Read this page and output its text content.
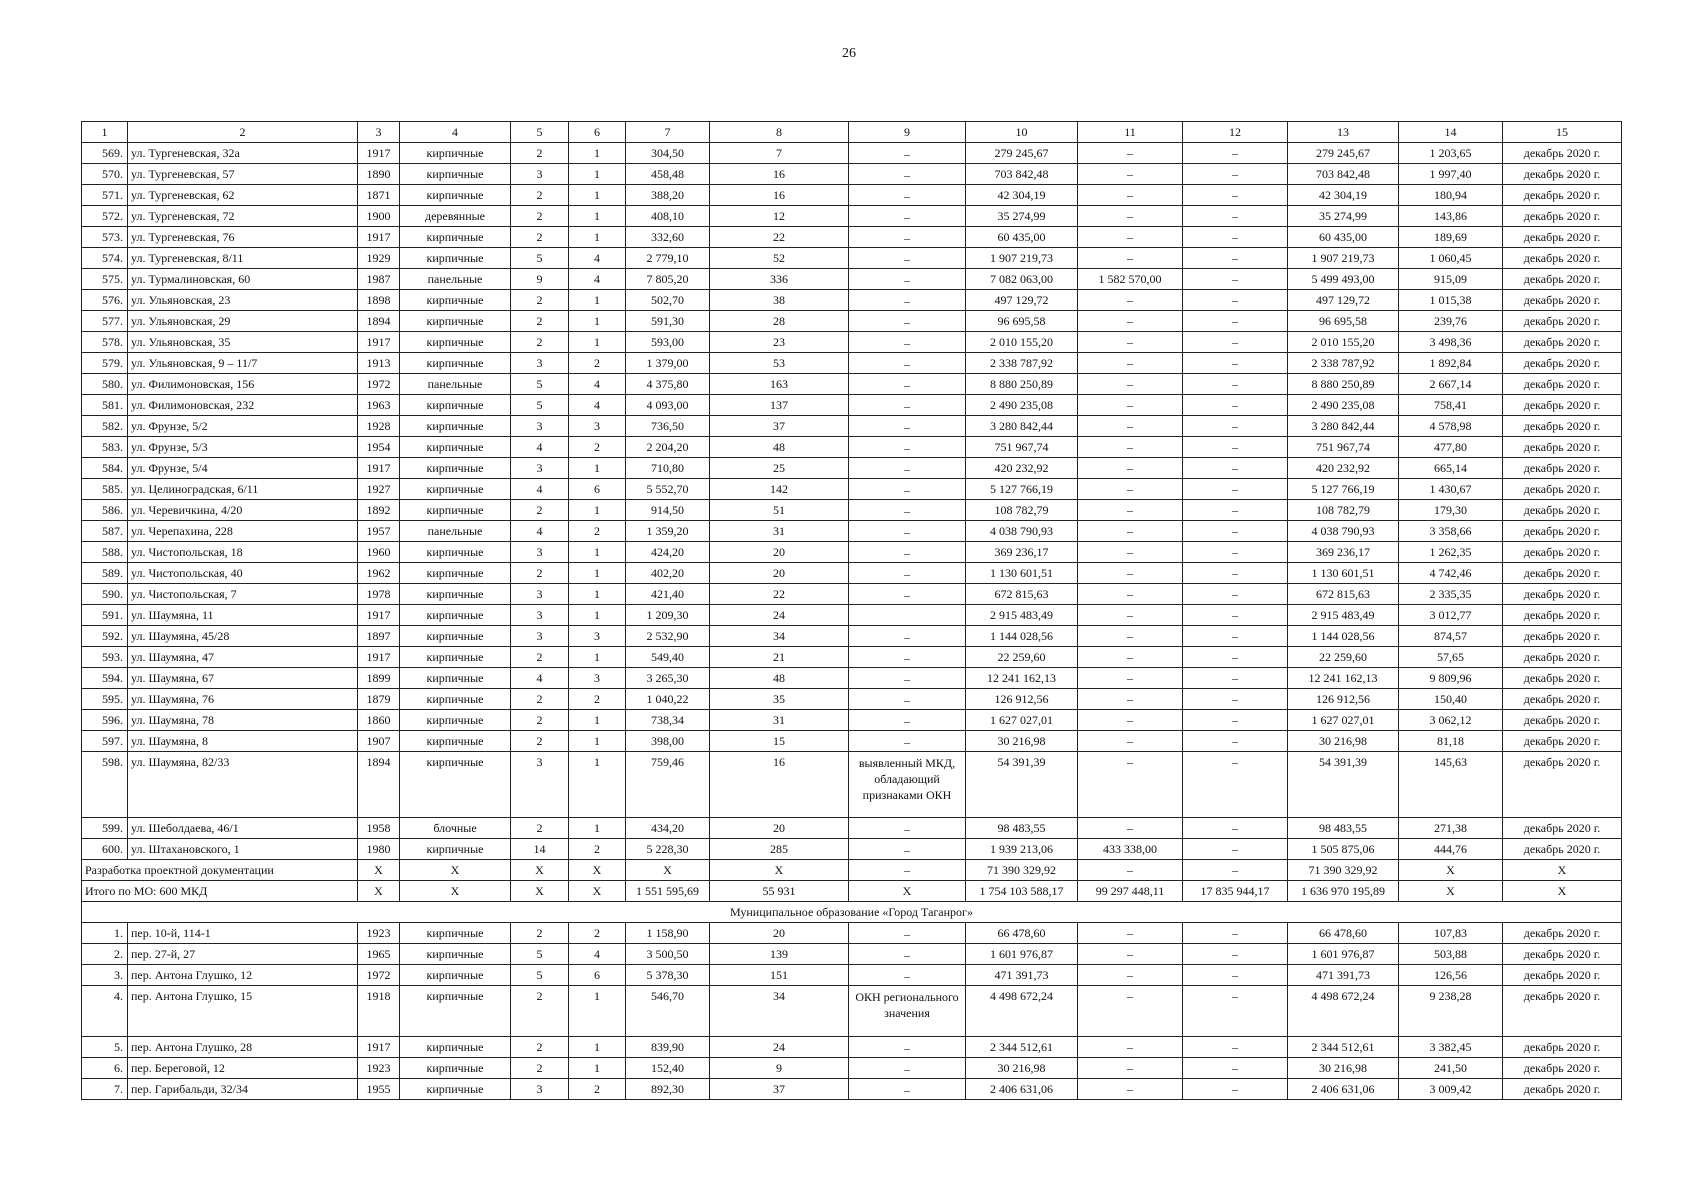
26
1	2	3	4	5	6	7	8	9	10	11	12	13	14	15
569.	ул. Тургеневская, 32а	1917	кирпичные	2	1	304,50	7	–	279 245,67	–	–	279 245,67	1 203,65	декабрь 2020 г.
570.	ул. Тургеневская, 57	1890	кирпичные	3	1	458,48	16	–	703 842,48	–	–	703 842,48	1 997,40	декабрь 2020 г.
571.	ул. Тургеневская, 62	1871	кирпичные	2	1	388,20	16	–	42 304,19	–	–	42 304,19	180,94	декабрь 2020 г.
572.	ул. Тургеневская, 72	1900	деревянные	2	1	408,10	12	–	35 274,99	–	–	35 274,99	143,86	декабрь 2020 г.
573.	ул. Тургеневская, 76	1917	кирпичные	2	1	332,60	22	–	60 435,00	–	–	60 435,00	189,69	декабрь 2020 г.
574.	ул. Тургеневская, 8/11	1929	кирпичные	5	4	2 779,10	52	–	1 907 219,73	–	–	1 907 219,73	1 060,45	декабрь 2020 г.
575.	ул. Турмалиновская, 60	1987	панельные	9	4	7 805,20	336	–	7 082 063,00	1 582 570,00	–	5 499 493,00	915,09	декабрь 2020 г.
576.	ул. Ульяновская, 23	1898	кирпичные	2	1	502,70	38	–	497 129,72	–	–	497 129,72	1 015,38	декабрь 2020 г.
577.	ул. Ульяновская, 29	1894	кирпичные	2	1	591,30	28	–	96 695,58	–	–	96 695,58	239,76	декабрь 2020 г.
578.	ул. Ульяновская, 35	1917	кирпичные	2	1	593,00	23	–	2 010 155,20	–	–	2 010 155,20	3 498,36	декабрь 2020 г.
579.	ул. Ульяновская, 9 – 11/7	1913	кирпичные	3	2	1 379,00	53	–	2 338 787,92	–	–	2 338 787,92	1 892,84	декабрь 2020 г.
580.	ул. Филимоновская, 156	1972	панельные	5	4	4 375,80	163	–	8 880 250,89	–	–	8 880 250,89	2 667,14	декабрь 2020 г.
581.	ул. Филимоновская, 232	1963	кирпичные	5	4	4 093,00	137	–	2 490 235,08	–	–	2 490 235,08	758,41	декабрь 2020 г.
582.	ул. Фрунзе, 5/2	1928	кирпичные	3	3	736,50	37	–	3 280 842,44	–	–	3 280 842,44	4 578,98	декабрь 2020 г.
583.	ул. Фрунзе, 5/3	1954	кирпичные	4	2	2 204,20	48	–	751 967,74	–	–	751 967,74	477,80	декабрь 2020 г.
584.	ул. Фрунзе, 5/4	1917	кирпичные	3	1	710,80	25	–	420 232,92	–	–	420 232,92	665,14	декабрь 2020 г.
585.	ул. Целиноградская, 6/11	1927	кирпичные	4	6	5 552,70	142	–	5 127 766,19	–	–	5 127 766,19	1 430,67	декабрь 2020 г.
586.	ул. Черевичкина, 4/20	1892	кирпичные	2	1	914,50	51	–	108 782,79	–	–	108 782,79	179,30	декабрь 2020 г.
587.	ул. Черепахина, 228	1957	панельные	4	2	1 359,20	31	–	4 038 790,93	–	–	4 038 790,93	3 358,66	декабрь 2020 г.
588.	ул. Чистопольская, 18	1960	кирпичные	3	1	424,20	20	–	369 236,17	–	–	369 236,17	1 262,35	декабрь 2020 г.
589.	ул. Чистопольская, 40	1962	кирпичные	2	1	402,20	20	–	1 130 601,51	–	–	1 130 601,51	4 742,46	декабрь 2020 г.
590.	ул. Чистопольская, 7	1978	кирпичные	3	1	421,40	22	–	672 815,63	–	–	672 815,63	2 335,35	декабрь 2020 г.
591.	ул. Шаумяна, 11	1917	кирпичные	3	1	1 209,30	24		2 915 483,49	–	–	2 915 483,49	3 012,77	декабрь 2020 г.
592.	ул. Шаумяна, 45/28	1897	кирпичные	3	3	2 532,90	34	–	1 144 028,56	–	–	1 144 028,56	874,57	декабрь 2020 г.
593.	ул. Шаумяна, 47	1917	кирпичные	2	1	549,40	21	–	22 259,60	–	–	22 259,60	57,65	декабрь 2020 г.
594.	ул. Шаумяна, 67	1899	кирпичные	4	3	3 265,30	48	–	12 241 162,13	–	–	12 241 162,13	9 809,96	декабрь 2020 г.
595.	ул. Шаумяна, 76	1879	кирпичные	2	2	1 040,22	35	–	126 912,56	–	–	126 912,56	150,40	декабрь 2020 г.
596.	ул. Шаумяна, 78	1860	кирпичные	2	1	738,34	31	–	1 627 027,01	–	–	1 627 027,01	3 062,12	декабрь 2020 г.
597.	ул. Шаумяна, 8	1907	кирпичные	2	1	398,00	15	–	30 216,98	–	–	30 216,98	81,18	декабрь 2020 г.
598.	ул. Шаумяна, 82/33	1894	кирпичные	3	1	759,46	16	выявленный МКД, обладающий признаками ОКН	54 391,39	–	–	54 391,39	145,63	декабрь 2020 г.
599.	ул. Шеболдаева, 46/1	1958	блочные	2	1	434,20	20	–	98 483,55	–	–	98 483,55	271,38	декабрь 2020 г.
600.	ул. Штахановского, 1	1980	кирпичные	14	2	5 228,30	285	–	1 939 213,06	433 338,00	–	1 505 875,06	444,76	декабрь 2020 г.
Разработка проектной документации		X	X	X	X	X	X	–	71 390 329,92	–	–	71 390 329,92	X	X
Итого по МО: 600 МКД		X	X	X	X	1 551 595,69	55 931	X	1 754 103 588,17	99 297 448,11	17 835 944,17	1 636 970 195,89	X	X
Муниципальное образование «Город Таганрог»														
1.	пер. 10-й, 114-1	1923	кирпичные	2	2	1 158,90	20	–	66 478,60	–	–	66 478,60	107,83	декабрь 2020 г.
2.	пер. 27-й, 27	1965	кирпичные	5	4	3 500,50	139	–	1 601 976,87	–	–	1 601 976,87	503,88	декабрь 2020 г.
3.	пер. Антона Глушко, 12	1972	кирпичные	5	6	5 378,30	151	–	471 391,73	–	–	471 391,73	126,56	декабрь 2020 г.
4.	пер. Антона Глушко, 15	1918	кирпичные	2	1	546,70	34	ОКН регионального значения	4 498 672,24	–	–	4 498 672,24	9 238,28	декабрь 2020 г.
5.	пер. Антона Глушко, 28	1917	кирпичные	2	1	839,90	24	–	2 344 512,61	–	–	2 344 512,61	3 382,45	декабрь 2020 г.
6.	пер. Береговой, 12	1923	кирпичные	2	1	152,40	9	–	30 216,98	–	–	30 216,98	241,50	декабрь 2020 г.
7.	пер. Гарибальди, 32/34	1955	кирпичные	3	2	892,30	37	–	2 406 631,06	–	–	2 406 631,06	3 009,42	декабрь 2020 г.
